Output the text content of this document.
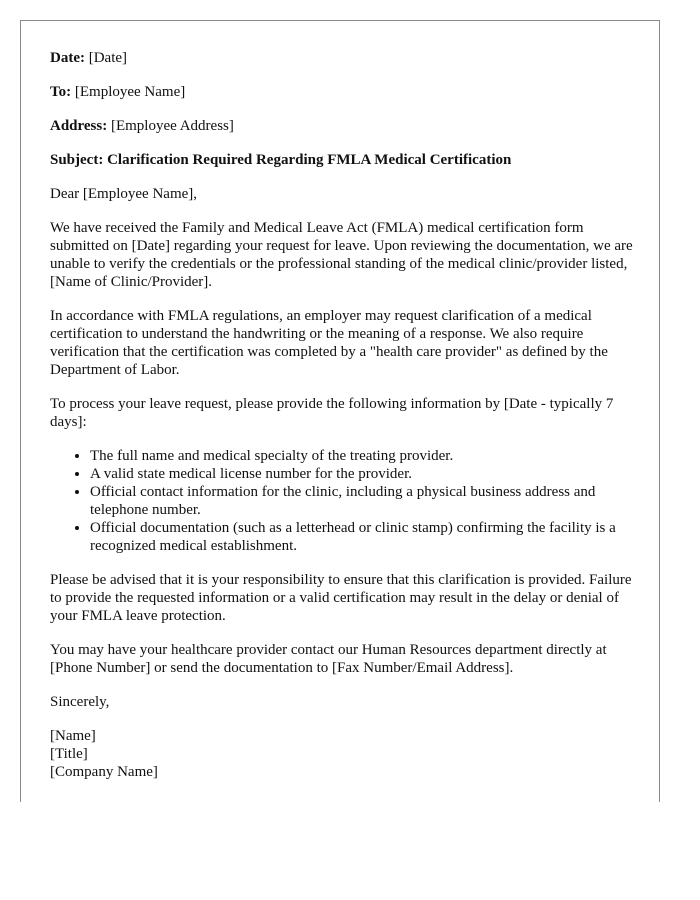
Date: [Date]

To: [Employee Name]

Address: [Employee Address]

Subject: Clarification Required Regarding FMLA Medical Certification

Dear [Employee Name],

We have received the Family and Medical Leave Act (FMLA) medical certification form submitted on [Date] regarding your request for leave. Upon reviewing the documentation, we are unable to verify the credentials or the professional standing of the medical clinic/provider listed, [Name of Clinic/Provider].

In accordance with FMLA regulations, an employer may request clarification of a medical certification to understand the handwriting or the meaning of a response. We also require verification that the certification was completed by a "health care provider" as defined by the Department of Labor.

To process your leave request, please provide the following information by [Date - typically 7 days]:

• The full name and medical specialty of the treating provider.
• A valid state medical license number for the provider.
• Official contact information for the clinic, including a physical business address and telephone number.
• Official documentation (such as a letterhead or clinic stamp) confirming the facility is a recognized medical establishment.

Please be advised that it is your responsibility to ensure that this clarification is provided. Failure to provide the requested information or a valid certification may result in the delay or denial of your FMLA leave protection.

You may have your healthcare provider contact our Human Resources department directly at [Phone Number] or send the documentation to [Fax Number/Email Address].

Sincerely,

[Name]

[Title]

[Company Name]
